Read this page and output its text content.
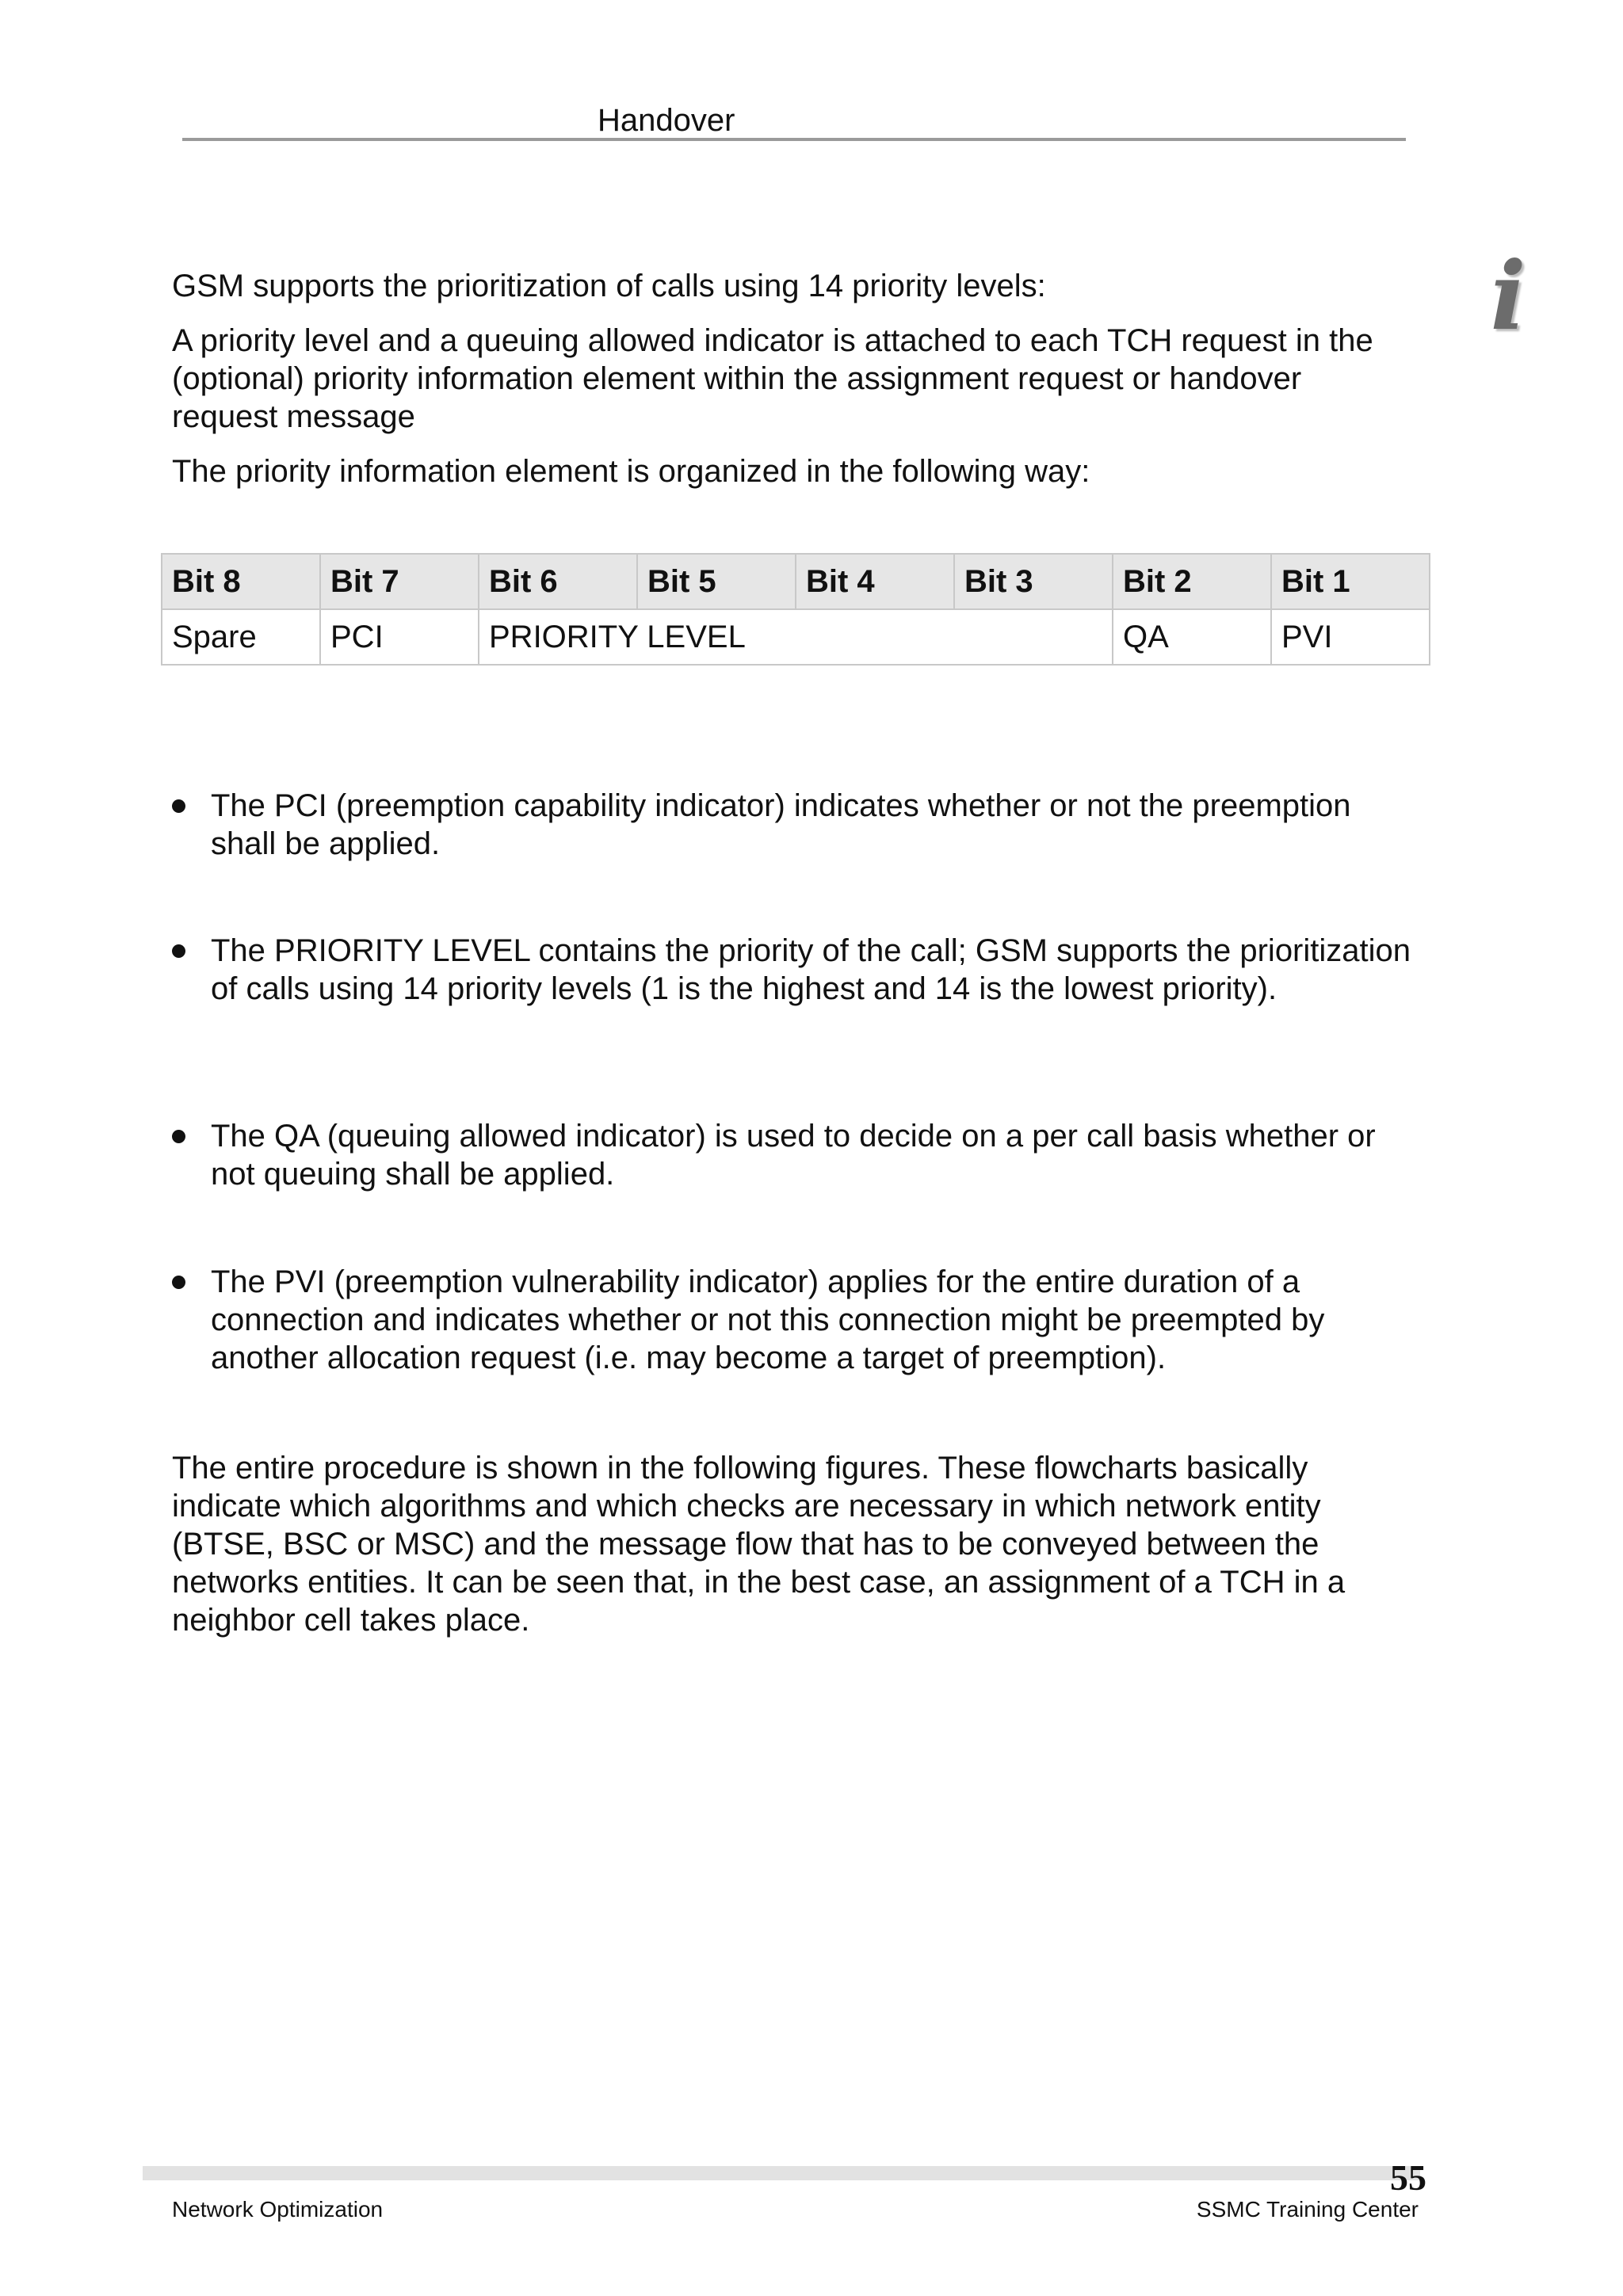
Handover
i

GSM supports the prioritization of calls using 14 priority levels:

A priority level and a queuing allowed indicator is attached to each TCH request in the (optional) priority information element within the assignment request or handover request message

The priority information element is organized in the following way:

Bit 8	Bit 7	Bit 6	Bit 5	Bit 4	Bit 3	Bit 2	Bit 1
Spare	PCI	PRIORITY LEVEL				QA	PVI
The PCI (preemption capability indicator) indicates whether or not the preemption shall be applied.
The PRIORITY LEVEL contains the priority of the call; GSM supports the prioritization of calls using 14 priority levels (1 is the highest and 14 is the lowest priority).
The QA (queuing allowed indicator) is used to decide on a per call basis whether or not queuing shall be applied.
The PVI (preemption vulnerability indicator) applies for the entire duration of a connection and indicates whether or not this connection might be preempted by another allocation request (i.e. may become a target of preemption).

The entire procedure is shown in the following figures. These flowcharts basically indicate which algorithms and which checks are necessary in which network entity (BTSE, BSC or MSC) and the message flow that has to be conveyed between the networks entities. It can be seen that, in the best case, an assignment of a TCH in a neighbor cell takes place.

55
Network Optimization	SSMC Training Center
